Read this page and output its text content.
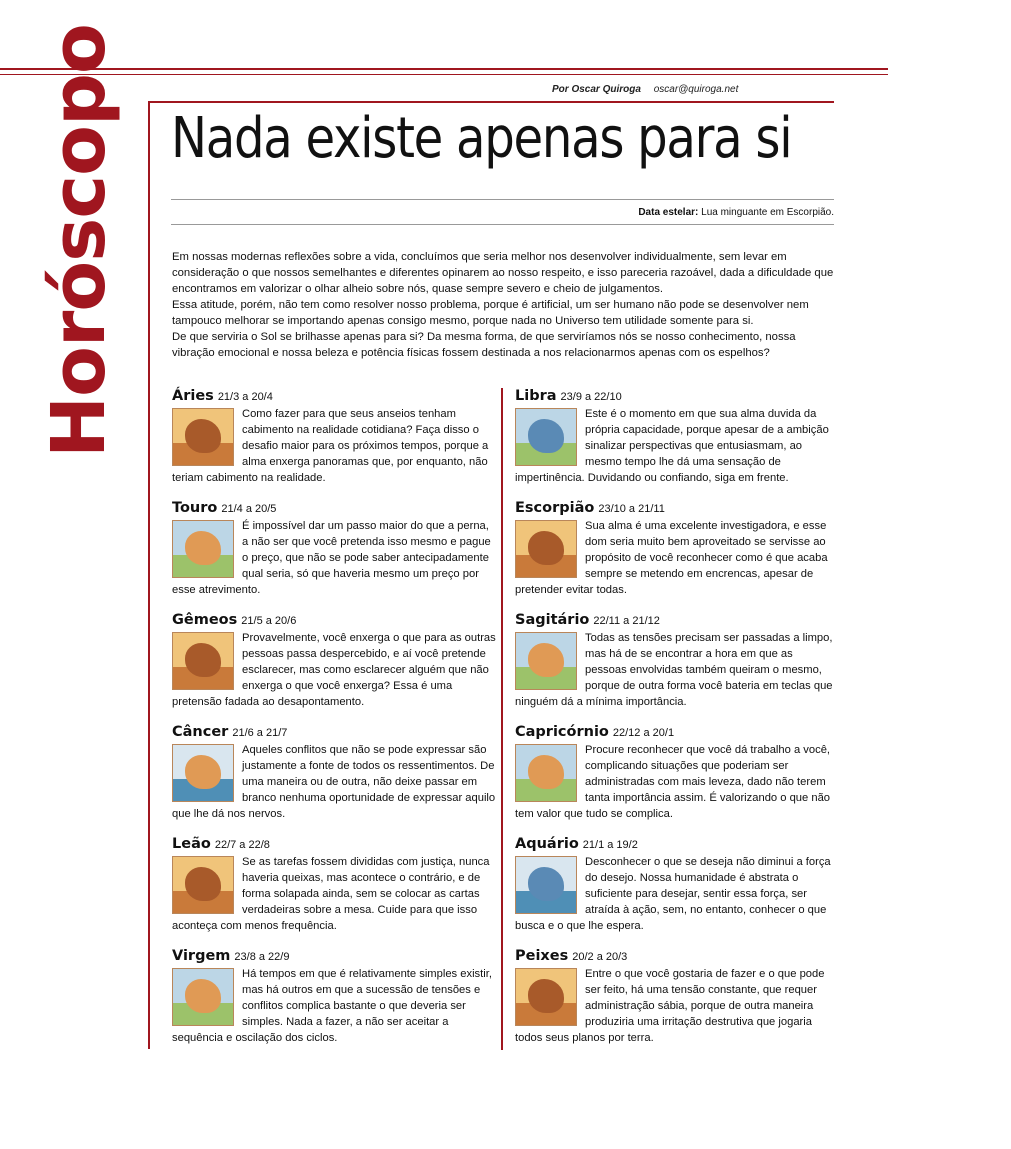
Horóscopo	Por Oscar Quiroga oscar@quiroga.net
Nada existe apenas para si
Data estelar: Lua minguante em Escorpião.

Em nossas modernas reflexões sobre a vida, concluímos que seria melhor nos desenvolver individualmente, sem levar em consideração o que nossos semelhantes e diferentes opinarem ao nosso respeito, e isso pareceria razoável, dada a dificuldade que encontramos em valorizar o olhar alheio sobre nós, quase sempre severo e cheio de julgamentos.

Essa atitude, porém, não tem como resolver nosso problema, porque é artificial, um ser humano não pode se desenvolver nem tampouco melhorar se importando apenas consigo mesmo, porque nada no Universo tem utilidade somente para si.

De que serviria o Sol se brilhasse apenas para si? Da mesma forma, de que serviríamos nós se nosso conhecimento, nossa vibração emocional e nossa beleza e potência físicas fossem destinada a nos relacionarmos apenas com os espelhos?

Áries 21/3 a 20/4

Como fazer para que seus anseios tenham cabimento na realidade cotidiana? Faça disso o desafio maior para os próximos tempos, porque a alma enxerga panoramas que, por enquanto, não teriam cabimento na realidade.

Touro 21/4 a 20/5

É impossível dar um passo maior do que a perna, a não ser que você pretenda isso mesmo e pague o preço, que não se pode saber antecipadamente qual seria, só que haveria mesmo um preço por esse atrevimento.

Gêmeos 21/5 a 20/6

Provavelmente, você enxerga o que para as outras pessoas passa despercebido, e aí você pretende esclarecer, mas como esclarecer alguém que não enxerga o que você enxerga? Essa é uma pretensão fadada ao desapontamento.

Câncer 21/6 a 21/7

Aqueles conflitos que não se pode expressar são justamente a fonte de todos os ressentimentos. De uma maneira ou de outra, não deixe passar em branco nenhuma oportunidade de expressar aquilo que lhe dá nos nervos.

Leão 22/7 a 22/8

Se as tarefas fossem divididas com justiça, nunca haveria queixas, mas acontece o contrário, e de forma solapada ainda, sem se colocar as cartas verdadeiras sobre a mesa. Cuide para que isso aconteça com menos frequência.

Virgem 23/8 a 22/9

Há tempos em que é relativamente simples existir, mas há outros em que a sucessão de tensões e conflitos complica bastante o que deveria ser simples. Nada a fazer, a não ser aceitar a sequência e oscilação dos ciclos.

Libra 23/9 a 22/10

Este é o momento em que sua alma duvida da própria capacidade, porque apesar de a ambição sinalizar perspectivas que entusiasmam, ao mesmo tempo lhe dá uma sensação de impertinência. Duvidando ou confiando, siga em frente.

Escorpião 23/10 a 21/11

Sua alma é uma excelente investigadora, e esse dom seria muito bem aproveitado se servisse ao propósito de você reconhecer como é que acaba sempre se metendo em encrencas, apesar de pretender evitar todas.

Sagitário 22/11 a 21/12

Todas as tensões precisam ser passadas a limpo, mas há de se encontrar a hora em que as pessoas envolvidas também queiram o mesmo, porque de outra forma você bateria em teclas que ninguém dá a mínima importância.

Capricórnio 22/12 a 20/1

Procure reconhecer que você dá trabalho a você, complicando situações que poderiam ser administradas com mais leveza, dado não terem tanta importância assim. É valorizando o que não tem valor que tudo se complica.

Aquário 21/1 a 19/2

Desconhecer o que se deseja não diminui a força do desejo. Nossa humanidade é abstrata o suficiente para desejar, sentir essa força, ser atraída à ação, sem, no entanto, conhecer o que busca e o que lhe espera.

Peixes 20/2 a 20/3

Entre o que você gostaria de fazer e o que pode ser feito, há uma tensão constante, que requer administração sábia, porque de outra maneira produziria uma irritação destrutiva que jogaria todos seus planos por terra.
